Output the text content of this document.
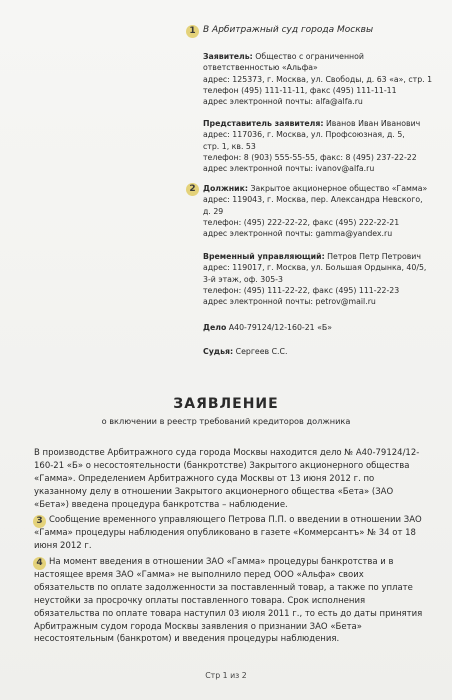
1 В Арбитражный суд города Москвы
Заявитель: Общество с ограниченной
ответственностью «Альфа»
адрес: 125373, г. Москва, ул. Свободы, д. 63 «а», стр. 1
телефон (495) 111-11-11, факс (495) 111-11-11
адрес электронной почты: alfa@alfa.ru
Представитель заявителя: Иванов Иван Иванович
адрес: 117036, г. Москва, ул. Профсоюзная, д. 5,
стр. 1, кв. 53
телефон: 8 (903) 555-55-55, факс: 8 (495) 237-22-22
адрес электронной почты: ivanov@alfa.ru
2 Должник: Закрытое акционерное общество «Гамма»
адрес: 119043, г. Москва, пер. Александра Невского,
д. 29
телефон: (495) 222-22-22, факс (495) 222-22-21
адрес электронной почты: gamma@yandex.ru
Временный управляющий: Петров Петр Петрович
адрес: 119017, г. Москва, ул. Большая Ордынка, 40/5,
3-й этаж, оф. 305-3
телефон: (495) 111-22-22, факс (495) 111-22-23
адрес электронной почты: petrov@mail.ru
Дело А40-79124/12-160-21 «Б»
Судья: Сергеев С.С.
ЗАЯВЛЕНИЕ
о включении в реестр требований кредиторов должника
В производстве Арбитражного суда города Москвы находится дело № А40-79124/12-160-21 «Б» о несостоятельности (банкротстве) Закрытого акционерного общества «Гамма». Определением Арбитражного суда Москвы от 13 июня 2012 г. по указанному делу в отношении Закрытого акционерного общества «Бета» (ЗАО «Бета») введена процедура банкротства – наблюдение.
3 Сообщение временного управляющего Петрова П.П. о введении в отношении ЗАО «Гамма» процедуры наблюдения опубликовано в газете «Коммерсантъ» № 34 от 18 июня 2012 г.
4 На момент введения в отношении ЗАО «Гамма» процедуры банкротства и в настоящее время ЗАО «Гамма» не выполнило перед ООО «Альфа» своих обязательств по оплате задолженности за поставленный товар, а также по уплате неустойки за просрочку оплаты поставленного товара. Срок исполнения обязательства по оплате товара наступил 03 июля 2011 г., то есть до даты принятия Арбитражным судом города Москвы заявления о признании ЗАО «Бета» несостоятельным (банкротом) и введения процедуры наблюдения.
Стр 1 из 2
